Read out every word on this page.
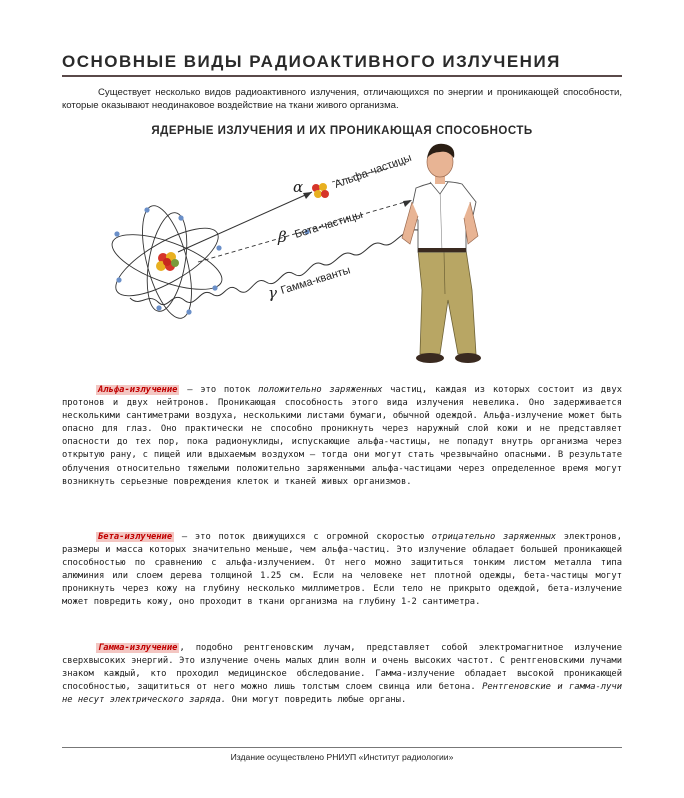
ОСНОВНЫЕ ВИДЫ РАДИОАКТИВНОГО ИЗЛУЧЕНИЯ
Существует несколько видов радиоактивного излучения, отличающихся по энергии и проникающей способности, которые оказывают неодинаковое воздействие на ткани живого организма.
ЯДЕРНЫЕ ИЗЛУЧЕНИЯ И ИХ ПРОНИКАЮЩАЯ СПОСОБНОСТЬ
α	Альфа-частицы
β Бета-частицы
γ Гамма-кванты
Альфа-излучение — это поток положительно заряженных частиц, каждая из которых состоит из двух протонов и двух нейтронов. Проникающая способность этого вида излучения невелика. Оно задерживается несколькими сантиметрами воздуха, несколькими листами бумаги, обычной одеждой. Альфа-излучение может быть опасно для глаз. Оно практически не способно проникнуть через наружный слой кожи и не представляет опасности до тех пор, пока радионуклиды, испускающие альфа-частицы, не попадут внутрь организма через открытую рану, с пищей или вдыхаемым воздухом — тогда они могут стать чрезвычайно опасными. В результате облучения относительно тяжелыми положительно заряженными альфа-частицами через определенное время могут возникнуть серьезные повреждения клеток и тканей живых организмов.
Бета-излучение — это поток движущихся с огромной скоростью отрицательно заряженных электронов, размеры и масса которых значительно меньше, чем альфа-частиц. Это излучение обладает большей проникающей способностью по сравнению с альфа-излучением. От него можно защититься тонким листом металла типа алюминия или слоем дерева толщиной 1.25 см. Если на человеке нет плотной одежды, бета-частицы могут проникнуть через кожу на глубину несколько миллиметров. Если тело не прикрыто одеждой, бета-излучение может повредить кожу, оно проходит в ткани организма на глубину 1-2 сантиметра.
Гамма-излучение , подобно рентгеновским лучам, представляет собой электромагнитное излучение сверхвысоких энергий. Это излучение очень малых длин волн и очень высоких частот. С рентгеновскими лучами знаком каждый, кто проходил медицинское обследование. Гамма-излучение обладает высокой проникающей способностью, защититься от него можно лишь толстым слоем свинца или бетона. Рентгеновские и гамма-лучи не несут электрического заряда. Они могут повредить любые органы.
Издание осуществлено РНИУП «Институт радиологии»
